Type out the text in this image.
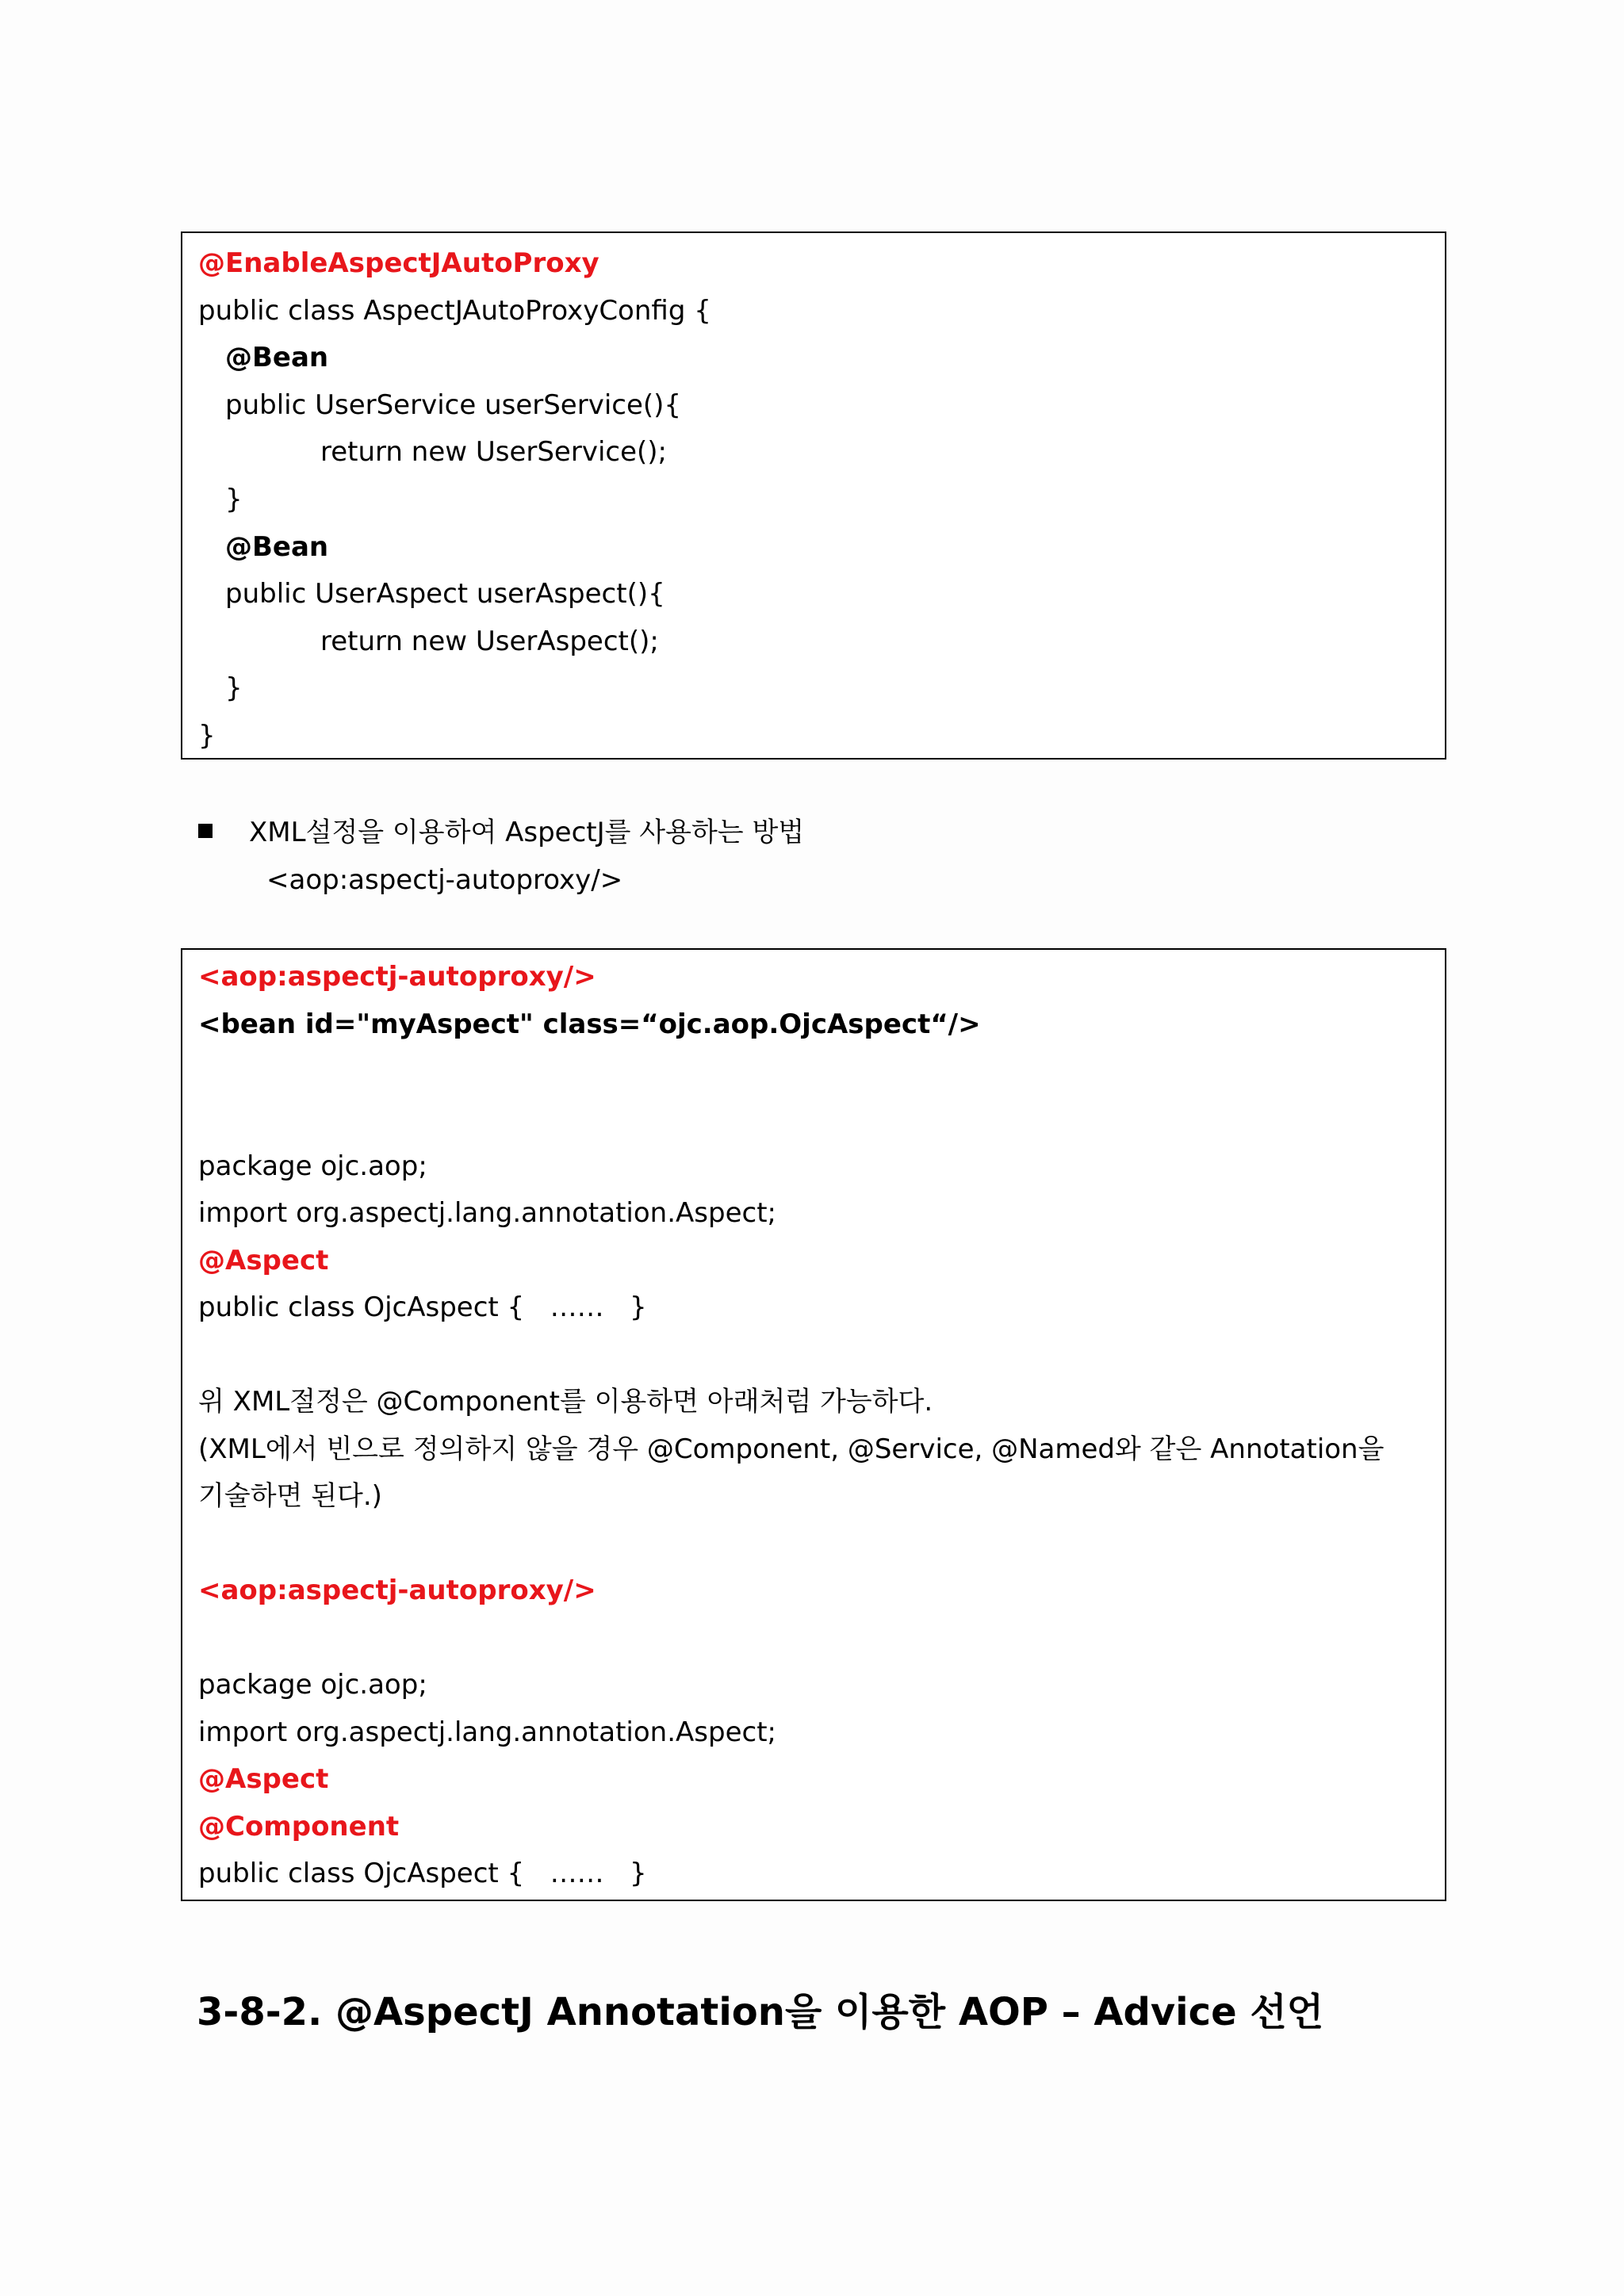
@EnableAspectJAutoProxy
public class AspectJAutoProxyConfig {
@Bean
public UserService userService(){
return new UserService();
}
@Bean
public UserAspect userAspect(){
return new UserAspect();
}
}
XML설정을 이용하여 AspectJ를 사용하는 방법
<aop:aspectj-autoproxy/>
<aop:aspectj-autoproxy/>
<bean id="myAspect" class=“ojc.aop.OjcAspect“/>
package ojc.aop;
import org.aspectj.lang.annotation.Aspect;
@Aspect
public class OjcAspect {   ……   }
위 XML절정은 @Component를 이용하면 아래처럼 가능하다.
(XML에서 빈으로 정의하지 않을 경우 @Component, @Service, @Named와 같은 Annotation을
기술하면 된다.)
<aop:aspectj-autoproxy/>
package ojc.aop;
import org.aspectj.lang.annotation.Aspect;
@Aspect
@Component
public class OjcAspect {   ……   }
3-8-2. @AspectJ Annotation을 이용한 AOP – Advice 선언
